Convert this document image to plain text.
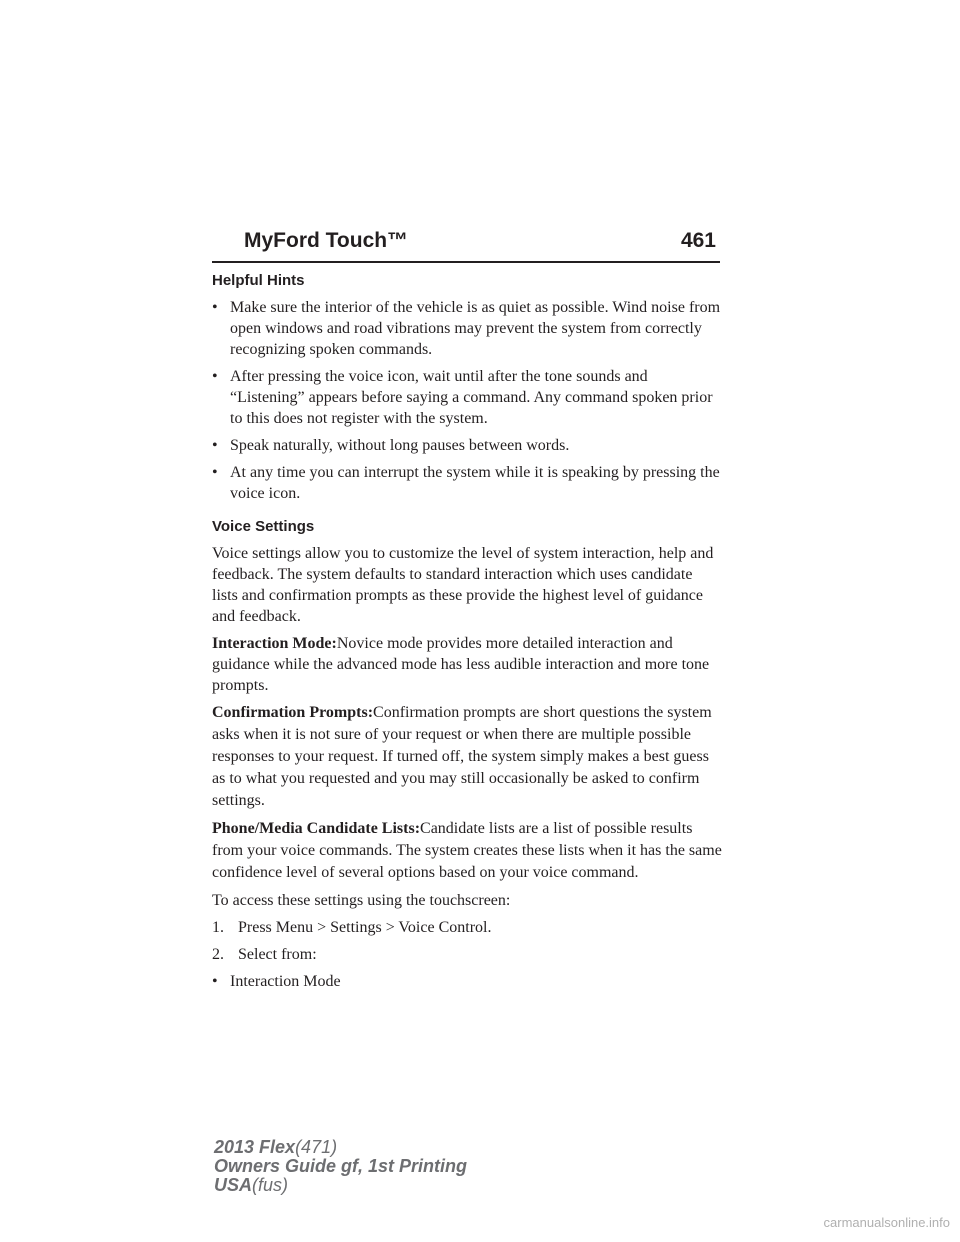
MyFord Touch™	461
Helpful Hints
• Make sure the interior of the vehicle is as quiet as possible. Wind noise from open windows and road vibrations may prevent the system from correctly recognizing spoken commands.
• After pressing the voice icon, wait until after the tone sounds and “Listening” appears before saying a command. Any command spoken prior to this does not register with the system.
• Speak naturally, without long pauses between words.
• At any time you can interrupt the system while it is speaking by pressing the voice icon.
Voice Settings

Voice settings allow you to customize the level of system interaction, help and feedback. The system defaults to standard interaction which uses candidate lists and confirmation prompts as these provide the highest level of guidance and feedback.

Interaction Mode:Novice mode provides more detailed interaction and guidance while the advanced mode has less audible interaction and more tone prompts.

Confirmation Prompts:Confirmation prompts are short questions the system asks when it is not sure of your request or when there are multiple possible responses to your request. If turned off, the system simply makes a best guess as to what you requested and you may still occasionally be asked to confirm settings.

Phone/Media Candidate Lists:Candidate lists are a list of possible results from your voice commands. The system creates these lists when it has the same confidence level of several options based on your voice command.

To access these settings using the touchscreen:

1. Press Menu > Settings > Voice Control.

2. Select from:

• Interaction Mode
2013 Flex(471)
Owners Guide gf, 1st Printing
USA(fus)
carmanualsonline.info
